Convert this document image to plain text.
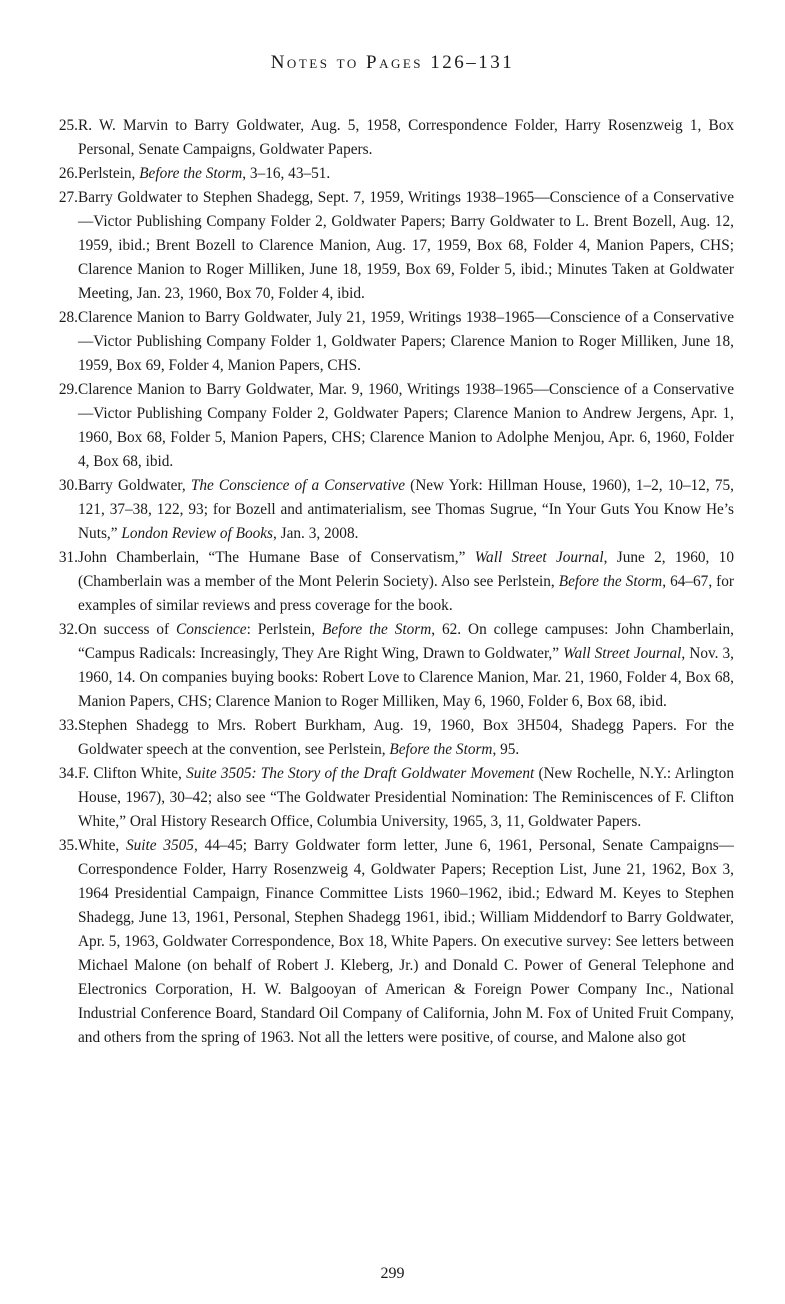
Notes to Pages 126–131
25. R. W. Marvin to Barry Goldwater, Aug. 5, 1958, Correspondence Folder, Harry Rosenzweig 1, Box Personal, Senate Campaigns, Goldwater Papers.
26. Perlstein, Before the Storm, 3–16, 43–51.
27. Barry Goldwater to Stephen Shadegg, Sept. 7, 1959, Writings 1938–1965—Conscience of a Conservative—Victor Publishing Company Folder 2, Goldwater Papers; Barry Goldwater to L. Brent Bozell, Aug. 12, 1959, ibid.; Brent Bozell to Clarence Manion, Aug. 17, 1959, Box 68, Folder 4, Manion Papers, CHS; Clarence Manion to Roger Milliken, June 18, 1959, Box 69, Folder 5, ibid.; Minutes Taken at Goldwater Meeting, Jan. 23, 1960, Box 70, Folder 4, ibid.
28. Clarence Manion to Barry Goldwater, July 21, 1959, Writings 1938–1965—Conscience of a Conservative—Victor Publishing Company Folder 1, Goldwater Papers; Clarence Manion to Roger Milliken, June 18, 1959, Box 69, Folder 4, Manion Papers, CHS.
29. Clarence Manion to Barry Goldwater, Mar. 9, 1960, Writings 1938–1965—Conscience of a Conservative—Victor Publishing Company Folder 2, Goldwater Papers; Clarence Manion to Andrew Jergens, Apr. 1, 1960, Box 68, Folder 5, Manion Papers, CHS; Clarence Manion to Adolphe Menjou, Apr. 6, 1960, Folder 4, Box 68, ibid.
30. Barry Goldwater, The Conscience of a Conservative (New York: Hillman House, 1960), 1–2, 10–12, 75, 121, 37–38, 122, 93; for Bozell and antimaterialism, see Thomas Sugrue, “In Your Guts You Know He’s Nuts,” London Review of Books, Jan. 3, 2008.
31. John Chamberlain, “The Humane Base of Conservatism,” Wall Street Journal, June 2, 1960, 10 (Chamberlain was a member of the Mont Pelerin Society). Also see Perlstein, Before the Storm, 64–67, for examples of similar reviews and press coverage for the book.
32. On success of Conscience: Perlstein, Before the Storm, 62. On college campuses: John Chamberlain, “Campus Radicals: Increasingly, They Are Right Wing, Drawn to Goldwater,” Wall Street Journal, Nov. 3, 1960, 14. On companies buying books: Robert Love to Clarence Manion, Mar. 21, 1960, Folder 4, Box 68, Manion Papers, CHS; Clarence Manion to Roger Milliken, May 6, 1960, Folder 6, Box 68, ibid.
33. Stephen Shadegg to Mrs. Robert Burkham, Aug. 19, 1960, Box 3H504, Shadegg Papers. For the Goldwater speech at the convention, see Perlstein, Before the Storm, 95.
34. F. Clifton White, Suite 3505: The Story of the Draft Goldwater Movement (New Rochelle, N.Y.: Arlington House, 1967), 30–42; also see “The Goldwater Presidential Nomination: The Reminiscences of F. Clifton White,” Oral History Research Office, Columbia University, 1965, 3, 11, Goldwater Papers.
35. White, Suite 3505, 44–45; Barry Goldwater form letter, June 6, 1961, Personal, Senate Campaigns—Correspondence Folder, Harry Rosenzweig 4, Goldwater Papers; Reception List, June 21, 1962, Box 3, 1964 Presidential Campaign, Finance Committee Lists 1960–1962, ibid.; Edward M. Keyes to Stephen Shadegg, June 13, 1961, Personal, Stephen Shadegg 1961, ibid.; William Middendorf to Barry Goldwater, Apr. 5, 1963, Goldwater Correspondence, Box 18, White Papers. On executive survey: See letters between Michael Malone (on behalf of Robert J. Kleberg, Jr.) and Donald C. Power of General Telephone and Electronics Corporation, H. W. Balgooyan of American & Foreign Power Company Inc., National Industrial Conference Board, Standard Oil Company of California, John M. Fox of United Fruit Company, and others from the spring of 1963. Not all the letters were positive, of course, and Malone also got
299
